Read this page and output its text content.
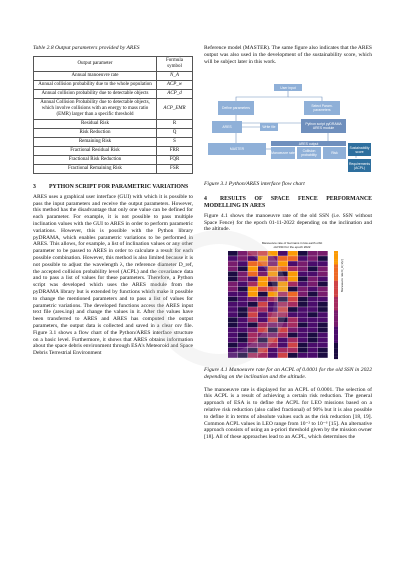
Table 2.8 Output parameters provided by ARES
Output parameter	Formula symbol
Annual manoeuvre rate	N_A
Annual collision probability due to the whole population	ACP_w
Annual collision probability due to detectable objects	ACP_d
Annual Collision Probability due to detectable objects, which involve collisions with an energy to mass ratio (EMR) larger than a specific threshold	ACP_EMR
Residual Risk	R
Risk Reduction	Q
Remaining Risk	S
Fractional Residual Risk	FRR
Fractional Risk Reduction	FQR
Fractional Remaining Risk	FSR
3 PYTHON SCRIPT FOR PARAMETRIC VARIATIONS

ARES uses a graphical user interface (GUI) with which it is possible to pass the input parameters and receive the output parameters. However, this method has the disadvantage that only one value can be defined for each parameter. For example, it is not possible to pass multiple inclination values with the GUI to ARES in order to perform parametric variations. However, this is possible with the Python library pyDRAMA, which enables parametric variations to be performed in ARES. This allows, for example, a list of inclination values or any other parameter to be passed to ARES in order to calculate a result for each possible combination. However, this method is also limited because it is not possible to adjust the wavelength λ, the reference diameter D_ref, the accepted collision probability level (ACPL) and the covariance data and to pass a list of values for these parameters. Therefore, a Python script was developed which uses the ARES module from the pyDRAMA library but is extended by functions which make it possible to change the mentioned parameters and to pass a list of values for parametric variations. The developed functions access the ARES input text file (ares.inp) and change the values in it. After the values have been transferred to ARES and ARES has computed the output parameters, the output data is collected and saved in a clear csv file. Figure 3.1 shows a flow chart of the Python/ARES interface structure on a basic level. Furthermore, it shows that ARES obtains information about the space debris environment through ESA's Meteoroid and Space Debris Terrestrial Environment

Reference model (MASTER). The same figure also indicates that the ARES output was also used in the development of the sustainability score, which will be subject later in this work.

User input
Define parameters	Select Param. parameters
ARES	Write file
Python script pyDRAMA ARES module
MASTER
ARES output
Manoeuvre rate	Collision probability	Risk
Sustainability score
Requirements (ACPL)
Figure 3.1 Python/ARES interface flow chart
4 RESULTS OF SPACE FENCE PERFORMANCE MODELLING IN ARES

Figure 4.1 shows the manoeuvre rate of the old SSN (i.e. SSN without Space Fence) for the epoch 01-11-2022 depending on the inclination and the altitude.

Manoeuvre rate of Germans in low earth orbit
old SSN for the epoch 2022
Manoeuvre rate N_A [1/yr]
Figure 4.1 Manoeuvre rate for an ACPL of 0.0001 for the old SSN in 2022 depending on the inclination and the altitude.

The manoeuvre rate is displayed for an ACPL of 0.0001. The selection of this ACPL is a result of achieving a certain risk reduction. The general approach of ESA is to define the ACPL for LEO missions based on a relative risk reduction (also called fractional) of 90% but it is also possible to define it in terms of absolute values such as the risk reduction [18, 19]. Common ACPL values in LEO range from 10⁻² to 10⁻⁶ [15]. An alternative approach consists of using an a-priori threshold given by the mission owner [18]. All of these approaches lead to an ACPL, which determines the
